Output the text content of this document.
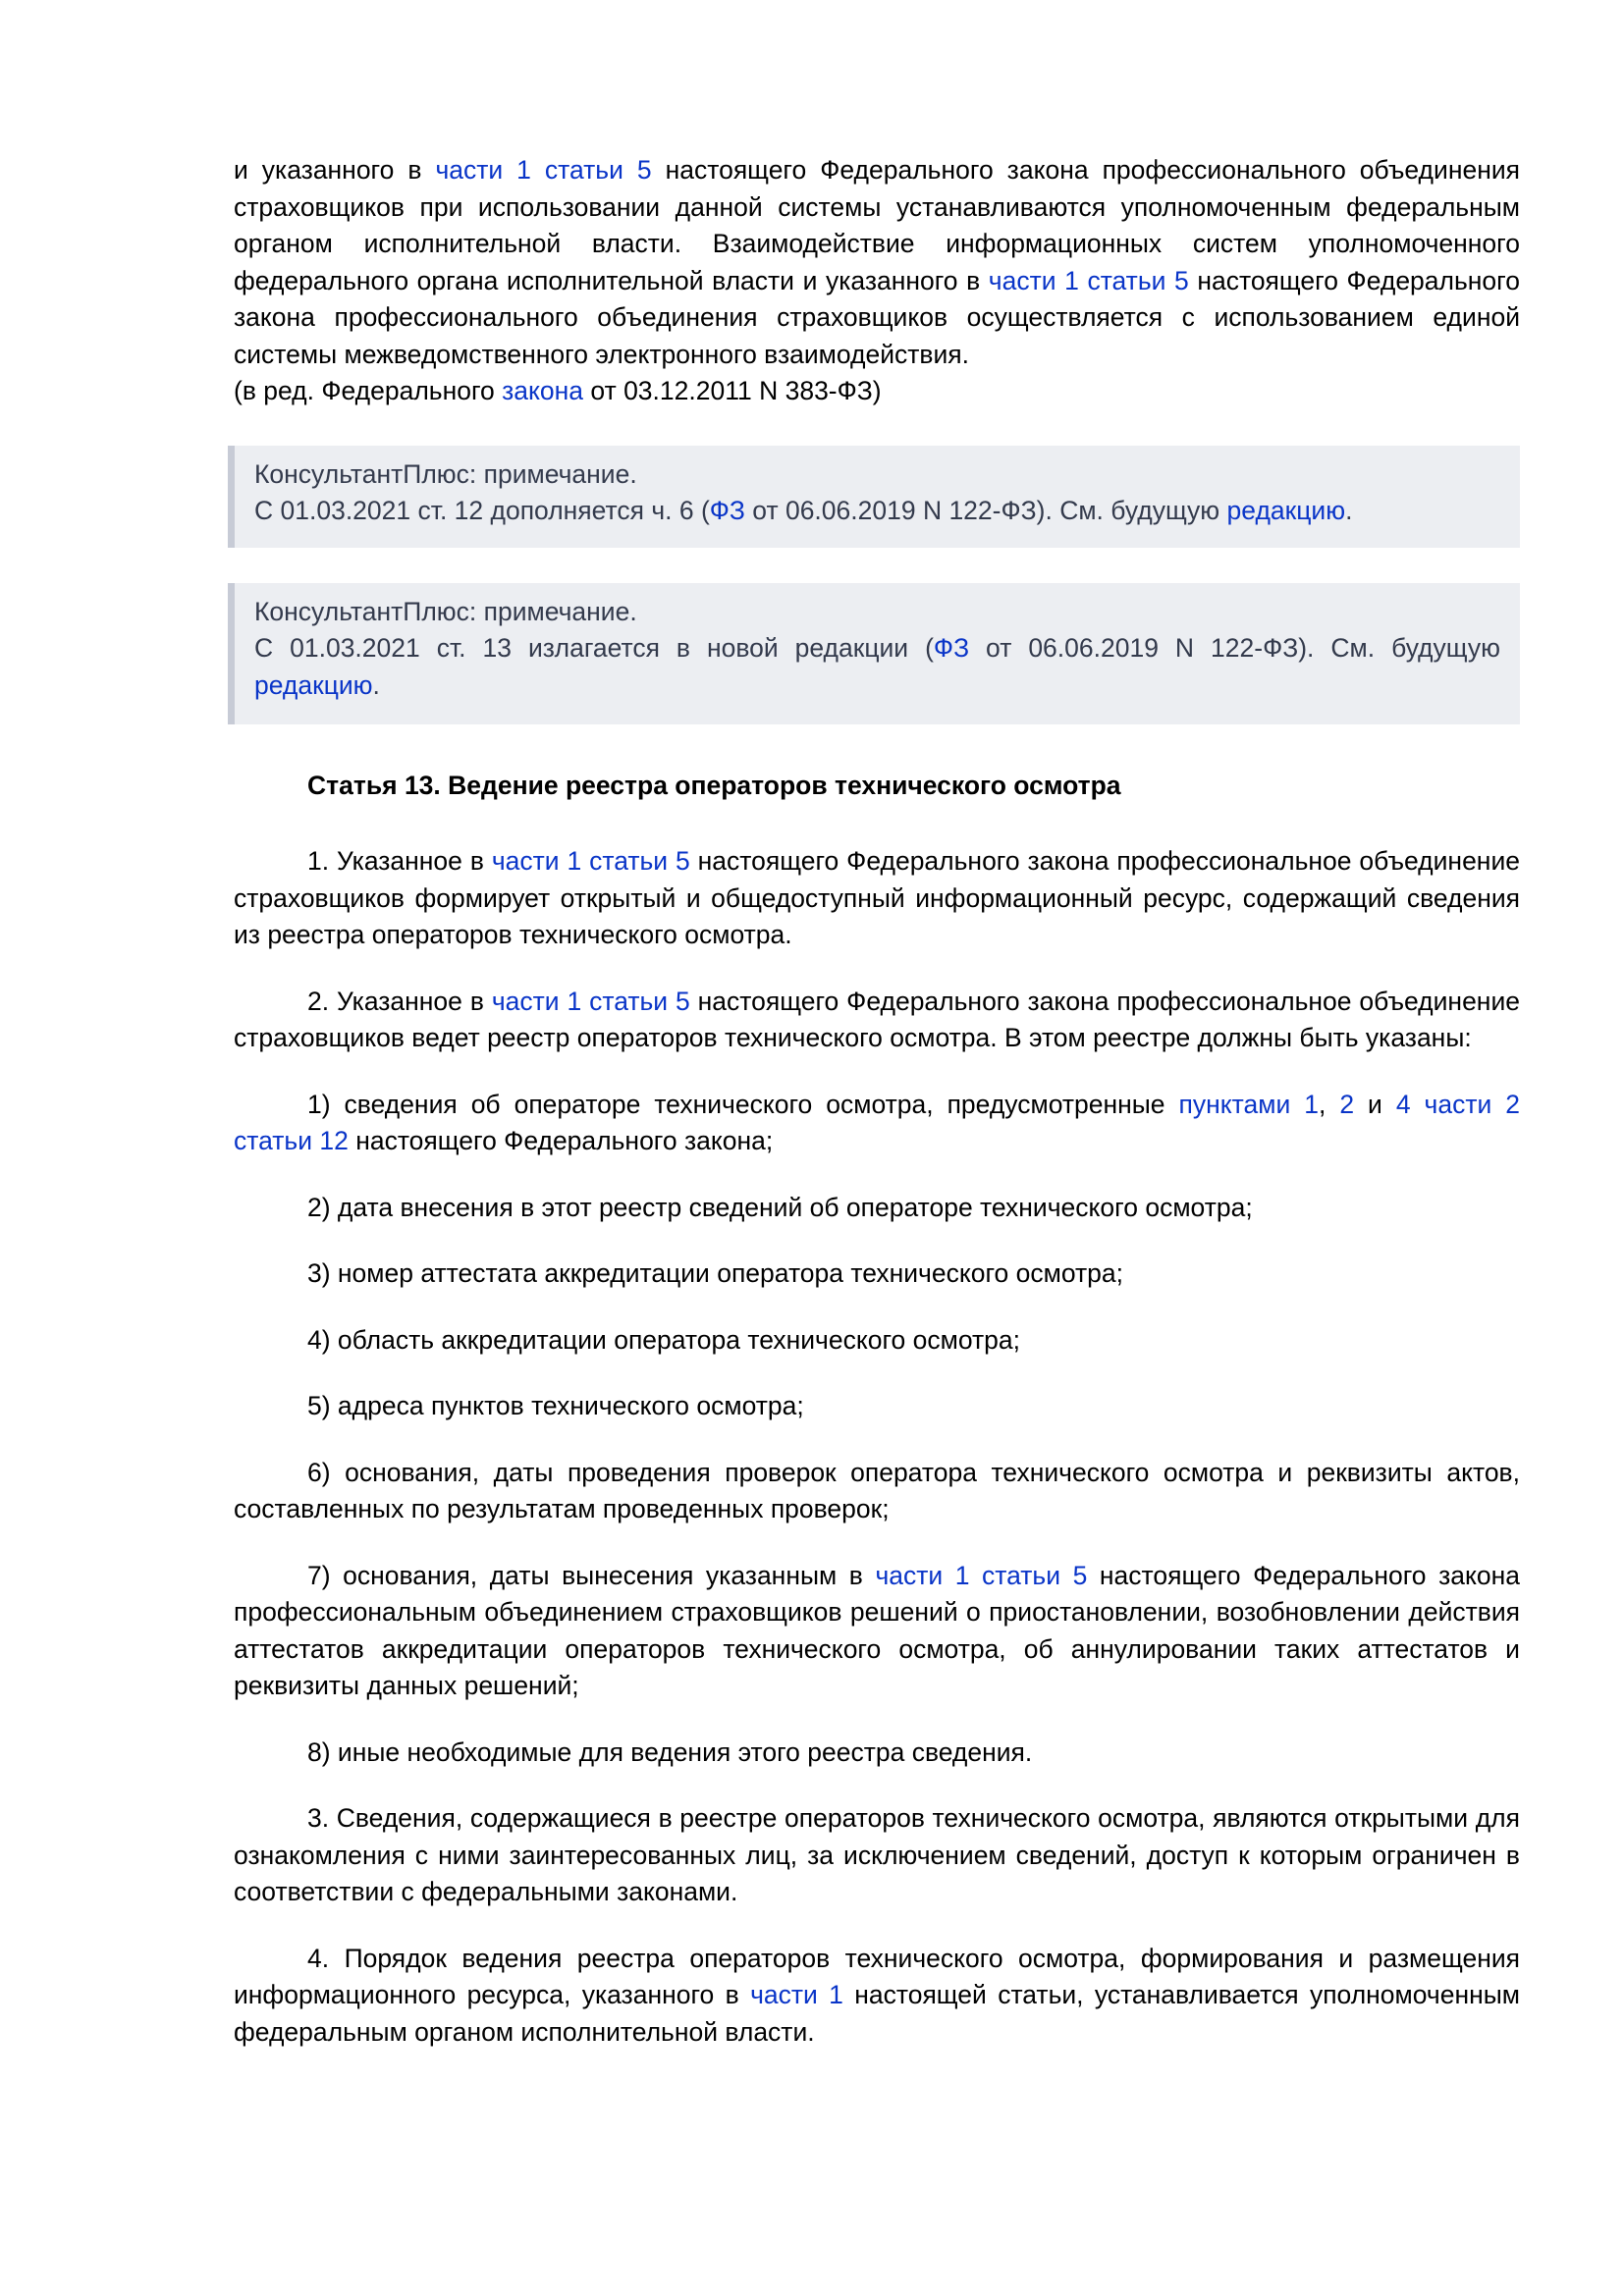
и указанного в части 1 статьи 5 настоящего Федерального закона профессионального объединения страховщиков при использовании данной системы устанавливаются уполномоченным федеральным органом исполнительной власти. Взаимодействие информационных систем уполномоченного федерального органа исполнительной власти и указанного в части 1 статьи 5 настоящего Федерального закона профессионального объединения страховщиков осуществляется с использованием единой системы межведомственного электронного взаимодействия.

(в ред. Федерального закона от 03.12.2011 N 383-ФЗ)

КонсультантПлюс: примечание.

С 01.03.2021 ст. 12 дополняется ч. 6 (ФЗ от 06.06.2019 N 122-ФЗ). См. будущую редакцию.

КонсультантПлюс: примечание.

С 01.03.2021 ст. 13 излагается в новой редакции (ФЗ от 06.06.2019 N 122-ФЗ). См. будущую редакцию.

Статья 13. Ведение реестра операторов технического осмотра

1. Указанное в части 1 статьи 5 настоящего Федерального закона профессиональное объединение страховщиков формирует открытый и общедоступный информационный ресурс, содержащий сведения из реестра операторов технического осмотра.

2. Указанное в части 1 статьи 5 настоящего Федерального закона профессиональное объединение страховщиков ведет реестр операторов технического осмотра. В этом реестре должны быть указаны:

1) сведения об операторе технического осмотра, предусмотренные пунктами 1, 2 и 4 части 2 статьи 12 настоящего Федерального закона;

2) дата внесения в этот реестр сведений об операторе технического осмотра;

3) номер аттестата аккредитации оператора технического осмотра;

4) область аккредитации оператора технического осмотра;

5) адреса пунктов технического осмотра;

6) основания, даты проведения проверок оператора технического осмотра и реквизиты актов, составленных по результатам проведенных проверок;

7) основания, даты вынесения указанным в части 1 статьи 5 настоящего Федерального закона профессиональным объединением страховщиков решений о приостановлении, возобновлении действия аттестатов аккредитации операторов технического осмотра, об аннулировании таких аттестатов и реквизиты данных решений;

8) иные необходимые для ведения этого реестра сведения.

3. Сведения, содержащиеся в реестре операторов технического осмотра, являются открытыми для ознакомления с ними заинтересованных лиц, за исключением сведений, доступ к которым ограничен в соответствии с федеральными законами.

4. Порядок ведения реестра операторов технического осмотра, формирования и размещения информационного ресурса, указанного в части 1 настоящей статьи, устанавливается уполномоченным федеральным органом исполнительной власти.
